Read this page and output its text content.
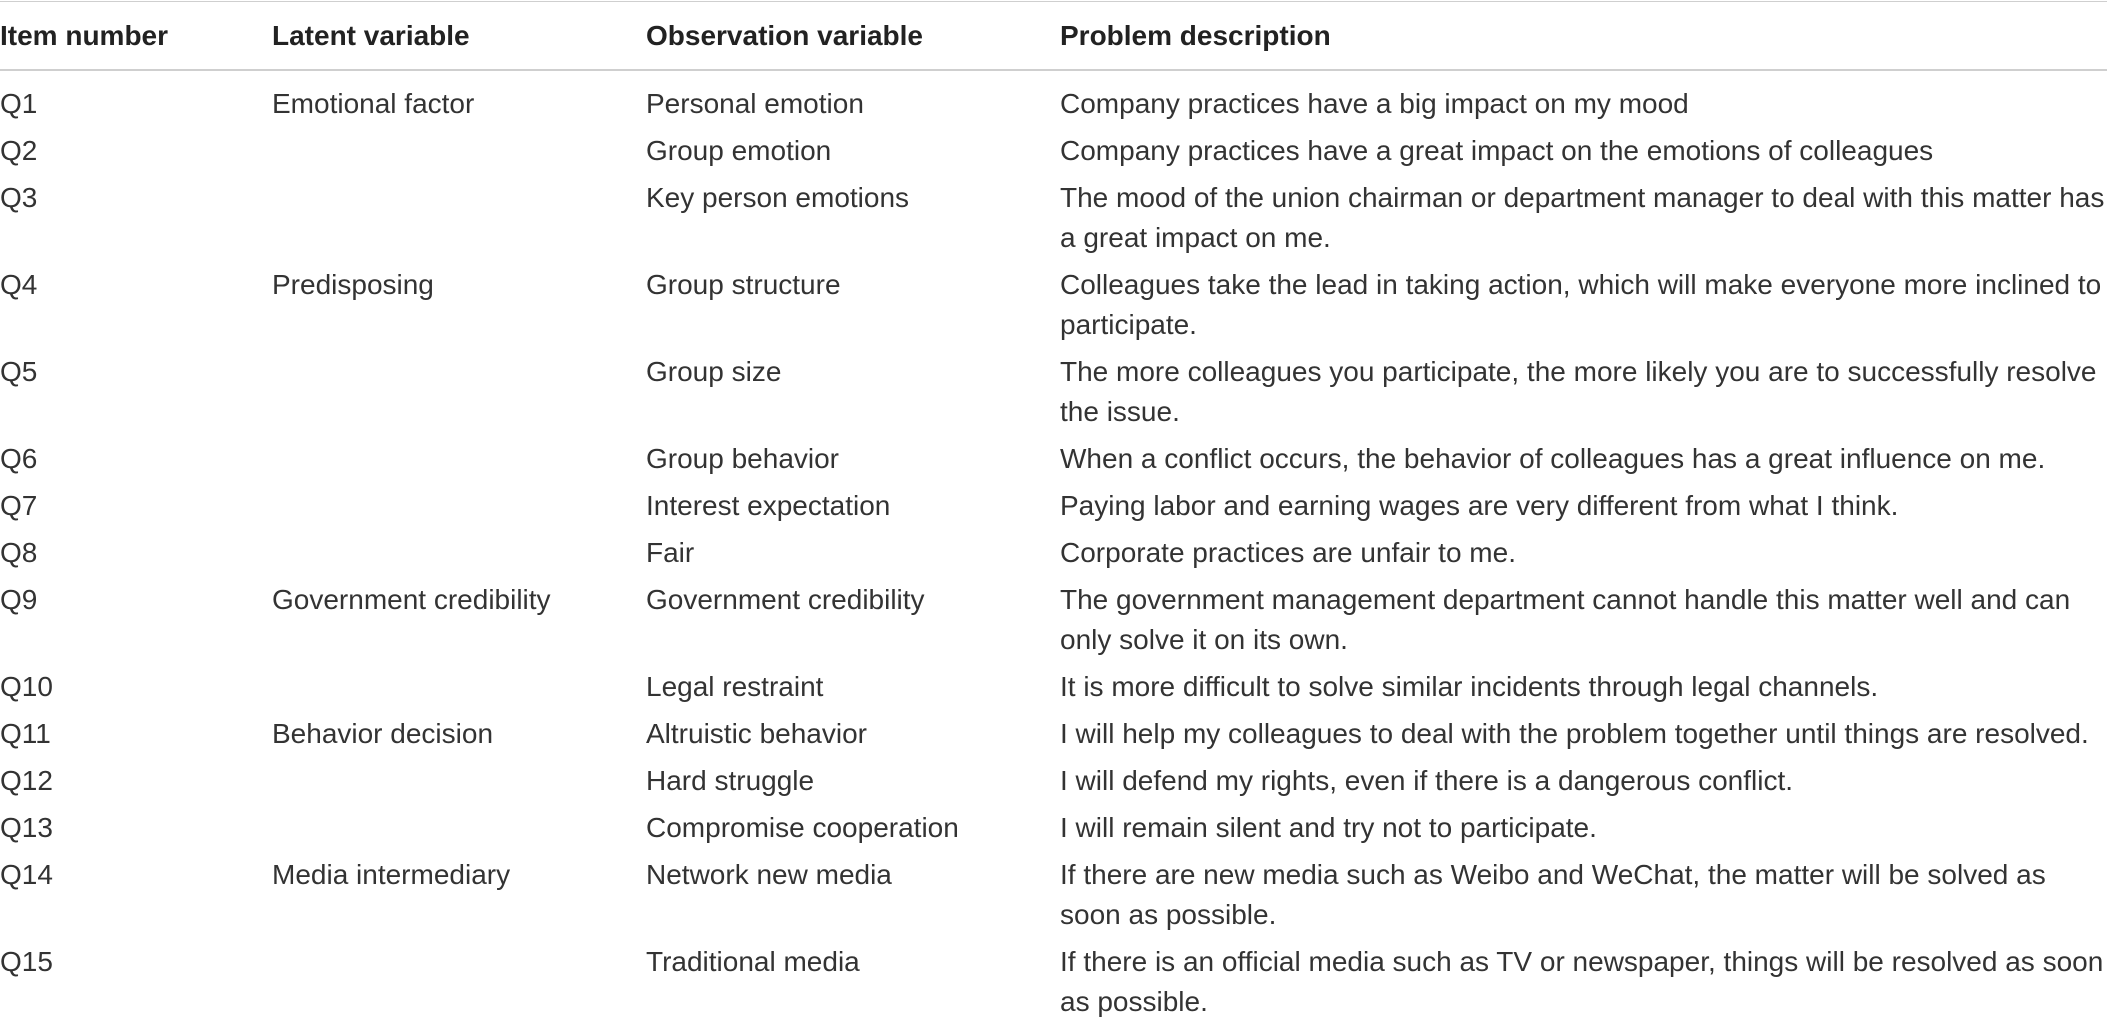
Item number	Latent variable	Observation variable	Problem description
Q1	Emotional factor	Personal emotion	Company practices have a big impact on my mood
Q2		Group emotion	Company practices have a great impact on the emotions of colleagues
Q3		Key person emotions	The mood of the union chairman or department manager to deal with this matter has a great impact on me.
Q4	Predisposing	Group structure	Colleagues take the lead in taking action, which will make everyone more inclined to participate.
Q5		Group size	The more colleagues you participate, the more likely you are to successfully resolve the issue.
Q6		Group behavior	When a conflict occurs, the behavior of colleagues has a great influence on me.
Q7		Interest expectation	Paying labor and earning wages are very different from what I think.
Q8		Fair	Corporate practices are unfair to me.
Q9	Government credibility	Government credibility	The government management department cannot handle this matter well and can only solve it on its own.
Q10		Legal restraint	It is more difficult to solve similar incidents through legal channels.
Q11	Behavior decision	Altruistic behavior	I will help my colleagues to deal with the problem together until things are resolved.
Q12		Hard struggle	I will defend my rights, even if there is a dangerous conflict.
Q13		Compromise cooperation	I will remain silent and try not to participate.
Q14	Media intermediary	Network new media	If there are new media such as Weibo and WeChat, the matter will be solved as soon as possible.
Q15		Traditional media	If there is an official media such as TV or newspaper, things will be resolved as soon as possible.
